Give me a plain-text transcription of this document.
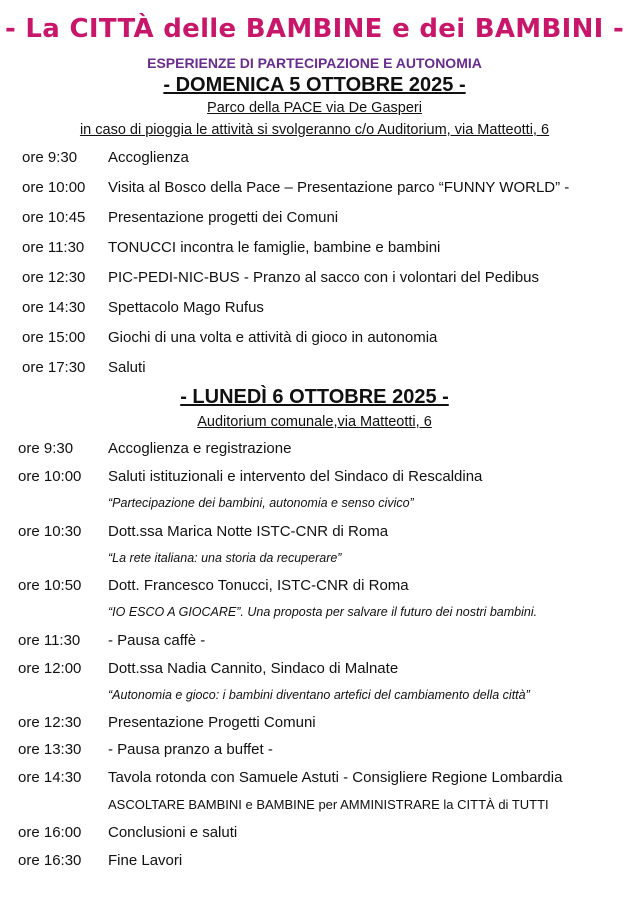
- La CITTÀ delle BAMBINE e dei BAMBINI -
ESPERIENZE DI PARTECIPAZIONE E AUTONOMIA
- DOMENICA 5 OTTOBRE 2025 -
Parco della PACE via De Gasperi
in caso di pioggia le attività si svolgeranno c/o Auditorium, via Matteotti, 6
ore 9:30 Accoglienza
ore 10:00 Visita al Bosco della Pace – Presentazione parco “FUNNY WORLD” -
ore 10:45 Presentazione progetti dei Comuni
ore 11:30 TONUCCI incontra le famiglie, bambine e bambini
ore 12:30 PIC-PEDI-NIC-BUS - Pranzo al sacco con i volontari del Pedibus
ore 14:30 Spettacolo Mago Rufus
ore 15:00 Giochi di una volta e attività di gioco in autonomia
ore 17:30 Saluti
- LUNEDÌ 6 OTTOBRE 2025 -
Auditorium comunale,via Matteotti, 6
ore 9:30 Accoglienza e registrazione
ore 10:00 Saluti istituzionali e intervento del Sindaco di Rescaldina
“Partecipazione dei bambini, autonomia e senso civico”
ore 10:30 Dott.ssa Marica Notte ISTC-CNR di Roma
“La rete italiana: una storia da recuperare”
ore 10:50 Dott. Francesco Tonucci, ISTC-CNR di Roma
“IO ESCO A GIOCARE”. Una proposta per salvare il futuro dei nostri bambini.
ore 11:30 - Pausa caffè -
ore 12:00 Dott.ssa Nadia Cannito, Sindaco di Malnate
“Autonomia e gioco: i bambini diventano artefici del cambiamento della città”
ore 12:30 Presentazione Progetti Comuni
ore 13:30 - Pausa pranzo a buffet -
ore 14:30 Tavola rotonda con Samuele Astuti - Consigliere Regione Lombardia
ASCOLTARE BAMBINI e BAMBINE per AMMINISTRARE la CITTÀ di TUTTI
ore 16:00 Conclusioni e saluti
ore 16:30 Fine Lavori
